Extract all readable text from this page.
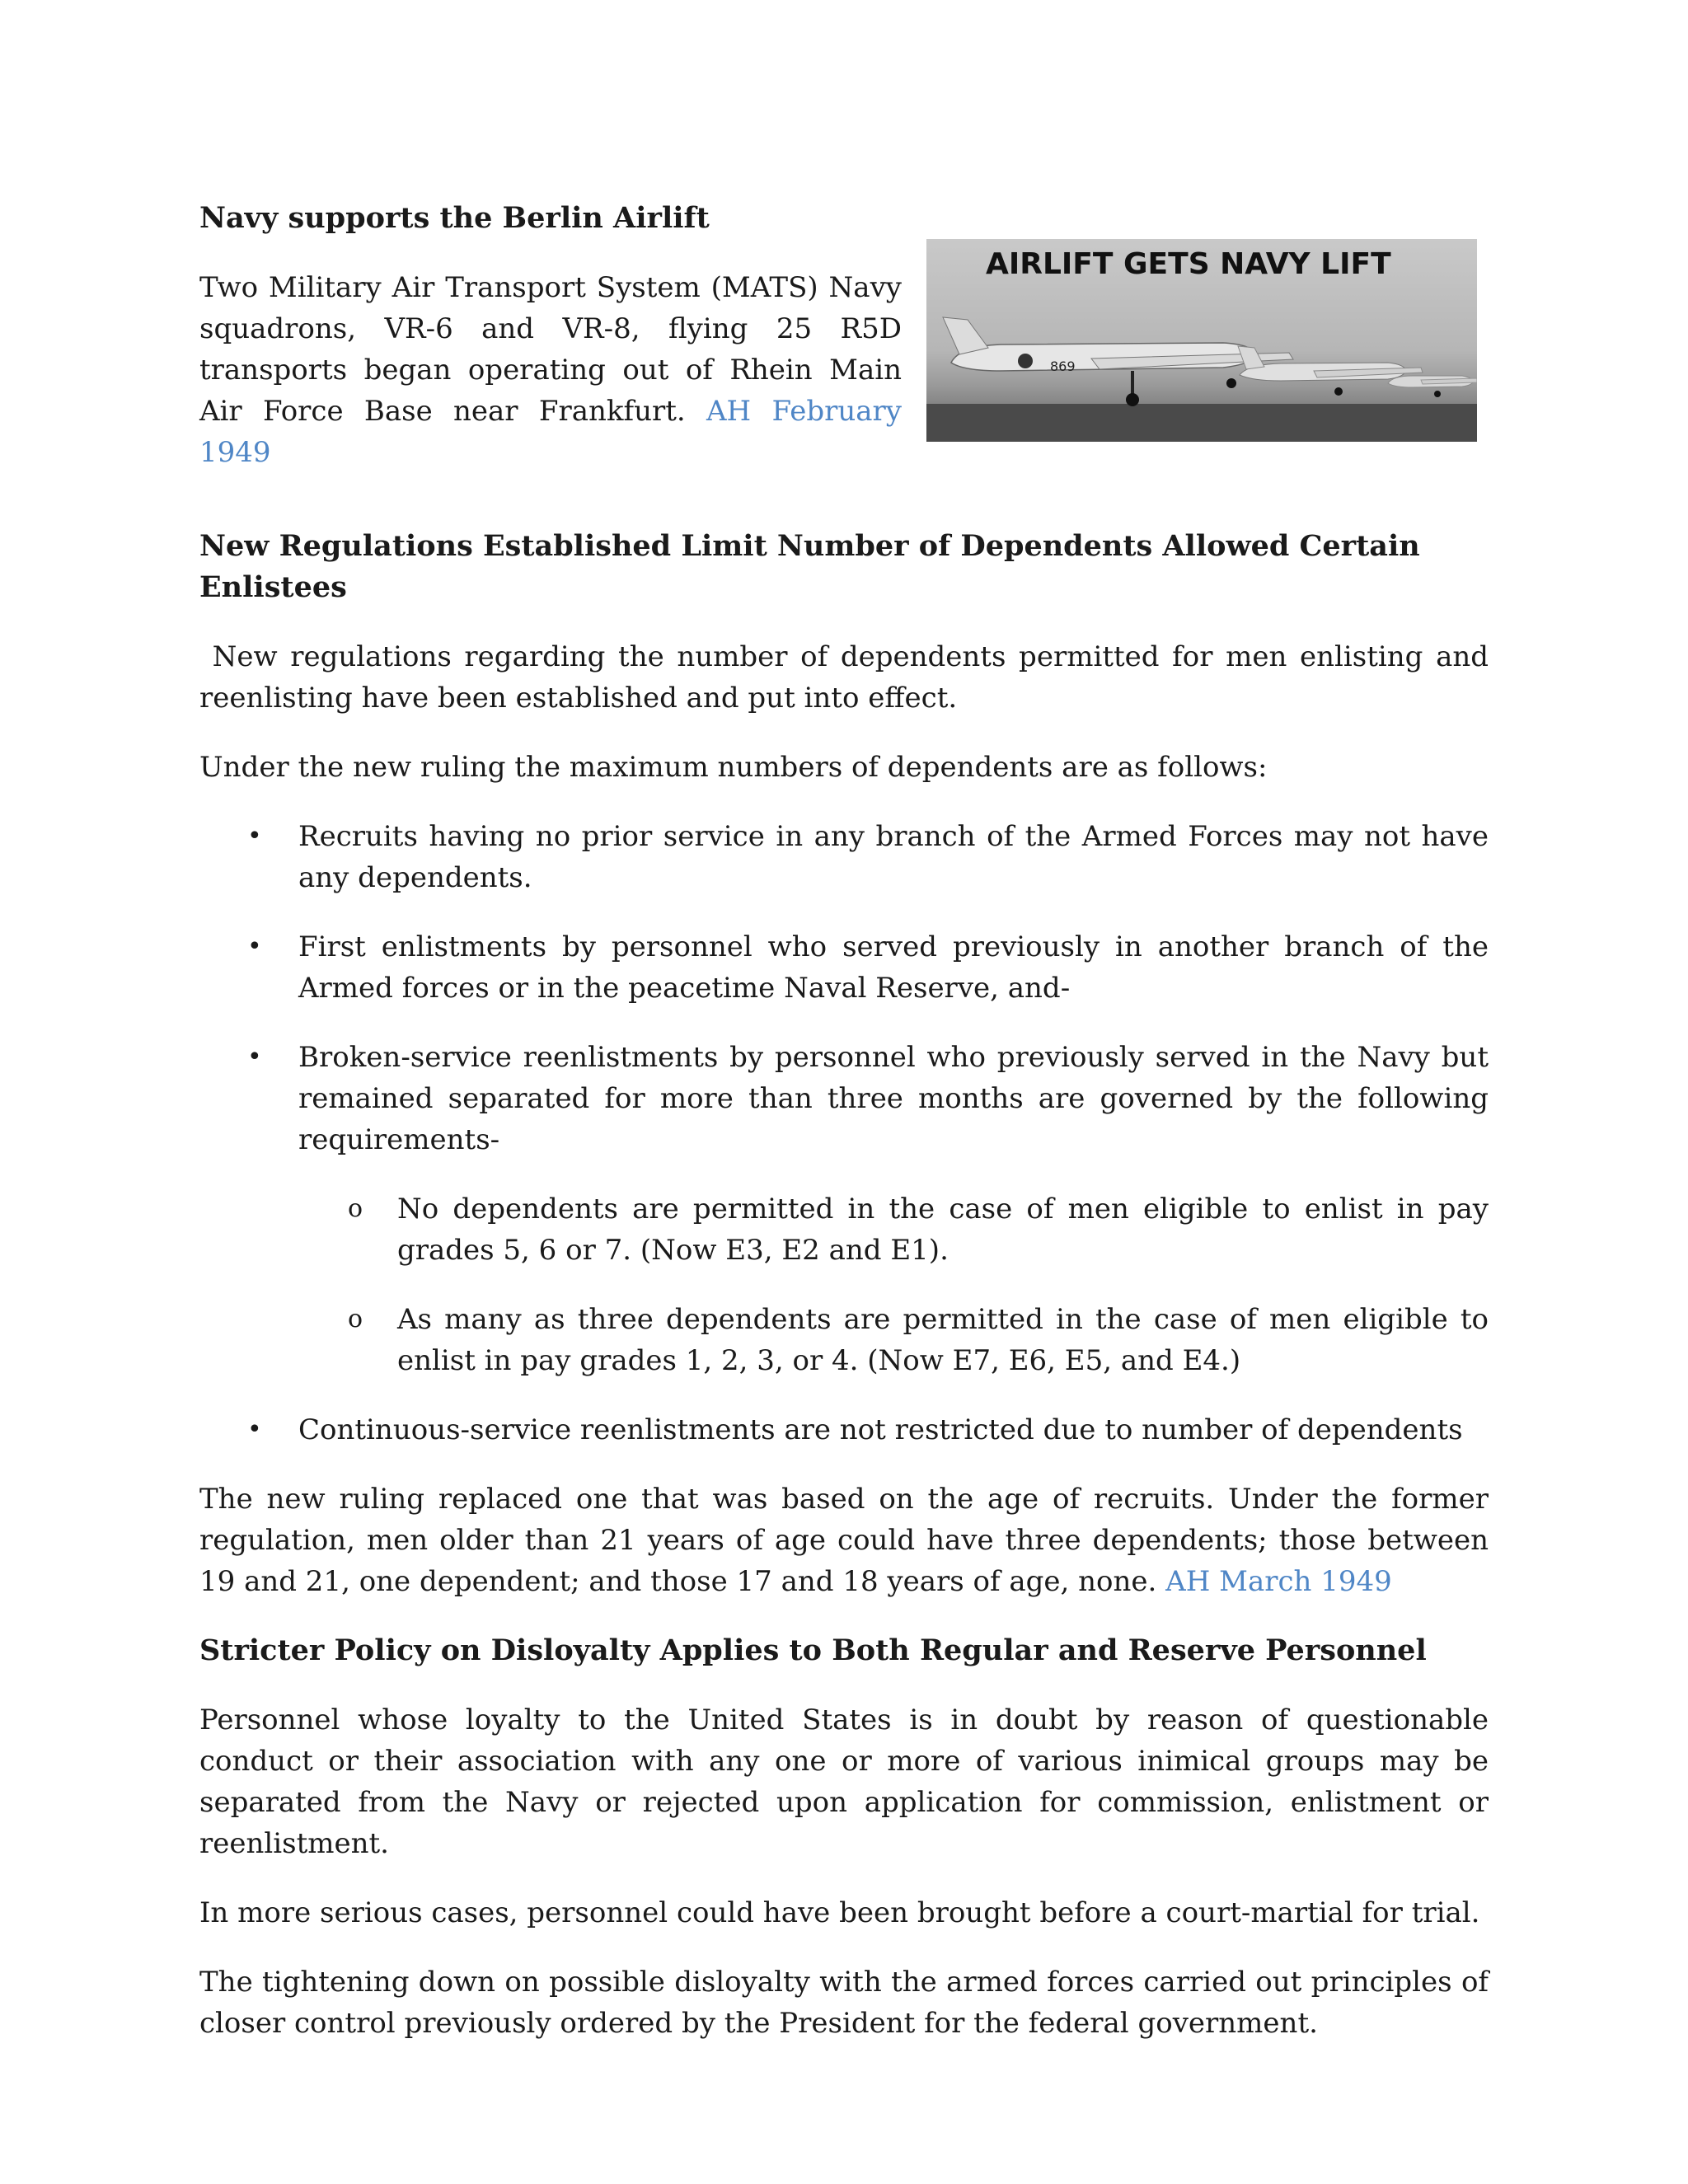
Navy supports the Berlin Airlift

Two Military Air Transport System (MATS) Navy squadrons, VR-6 and VR-8, flying 25 R5D transports began operating out of Rhein Main Air Force Base near Frankfurt. AH February 1949

AIRLIFT GETS NAVY LIFT
869
New Regulations Established Limit Number of Dependents Allowed Certain Enlistees

New regulations regarding the number of dependents permitted for men enlisting and reenlisting have been established and put into effect.

Under the new ruling the maximum numbers of dependents are as follows:

• Recruits having no prior service in any branch of the Armed Forces may not have any dependents.

• First enlistments by personnel who served previously in another branch of the Armed forces or in the peacetime Naval Reserve, and-

• Broken-service reenlistments by personnel who previously served in the Navy but remained separated for more than three months are governed by the following requirements-

o No dependents are permitted in the case of men eligible to enlist in pay grades 5, 6 or 7. (Now E3, E2 and E1).

o As many as three dependents are permitted in the case of men eligible to enlist in pay grades 1, 2, 3, or 4. (Now E7, E6, E5, and E4.)

• Continuous-service reenlistments are not restricted due to number of dependents

The new ruling replaced one that was based on the age of recruits. Under the former regulation, men older than 21 years of age could have three dependents; those between 19 and 21, one dependent; and those 17 and 18 years of age, none. AH March 1949

Stricter Policy on Disloyalty Applies to Both Regular and Reserve Personnel

Personnel whose loyalty to the United States is in doubt by reason of questionable conduct or their association with any one or more of various inimical groups may be separated from the Navy or rejected upon application for commission, enlistment or reenlistment.

In more serious cases, personnel could have been brought before a court-martial for trial.

The tightening down on possible disloyalty with the armed forces carried out principles of closer control previously ordered by the President for the federal government.
